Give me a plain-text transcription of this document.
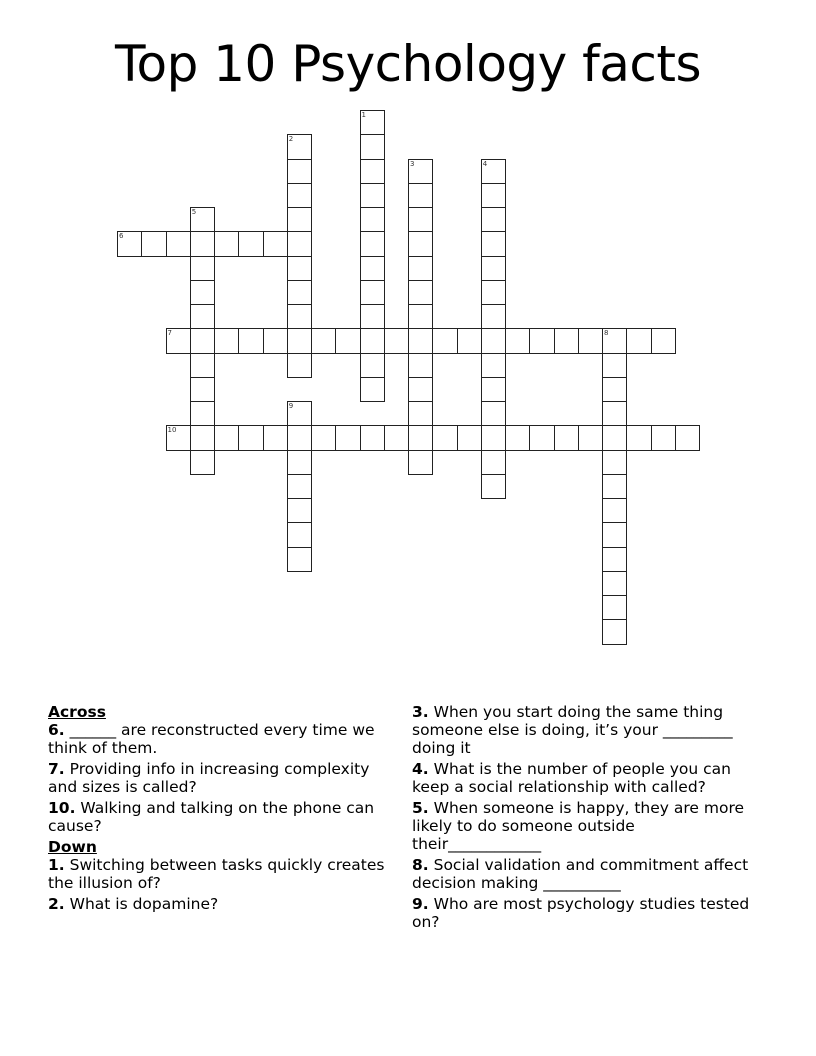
Top 10 Psychology facts
1
2
3	4
5
6
7	8
9
10

Across

6. ______ are reconstructed every time we think of them.

7. Providing info in increasing complexity and sizes is called?

10. Walking and talking on the phone can cause?

Down

1. Switching between tasks quickly creates the illusion of?

2. What is dopamine?

3. When you start doing the same thing someone else is doing, it’s your _________ doing it

4. What is the number of people you can keep a social relationship with called?

5. When someone is happy, they are more likely to do someone outside their____________

8. Social validation and commitment affect decision making __________

9. Who are most psychology studies tested on?
